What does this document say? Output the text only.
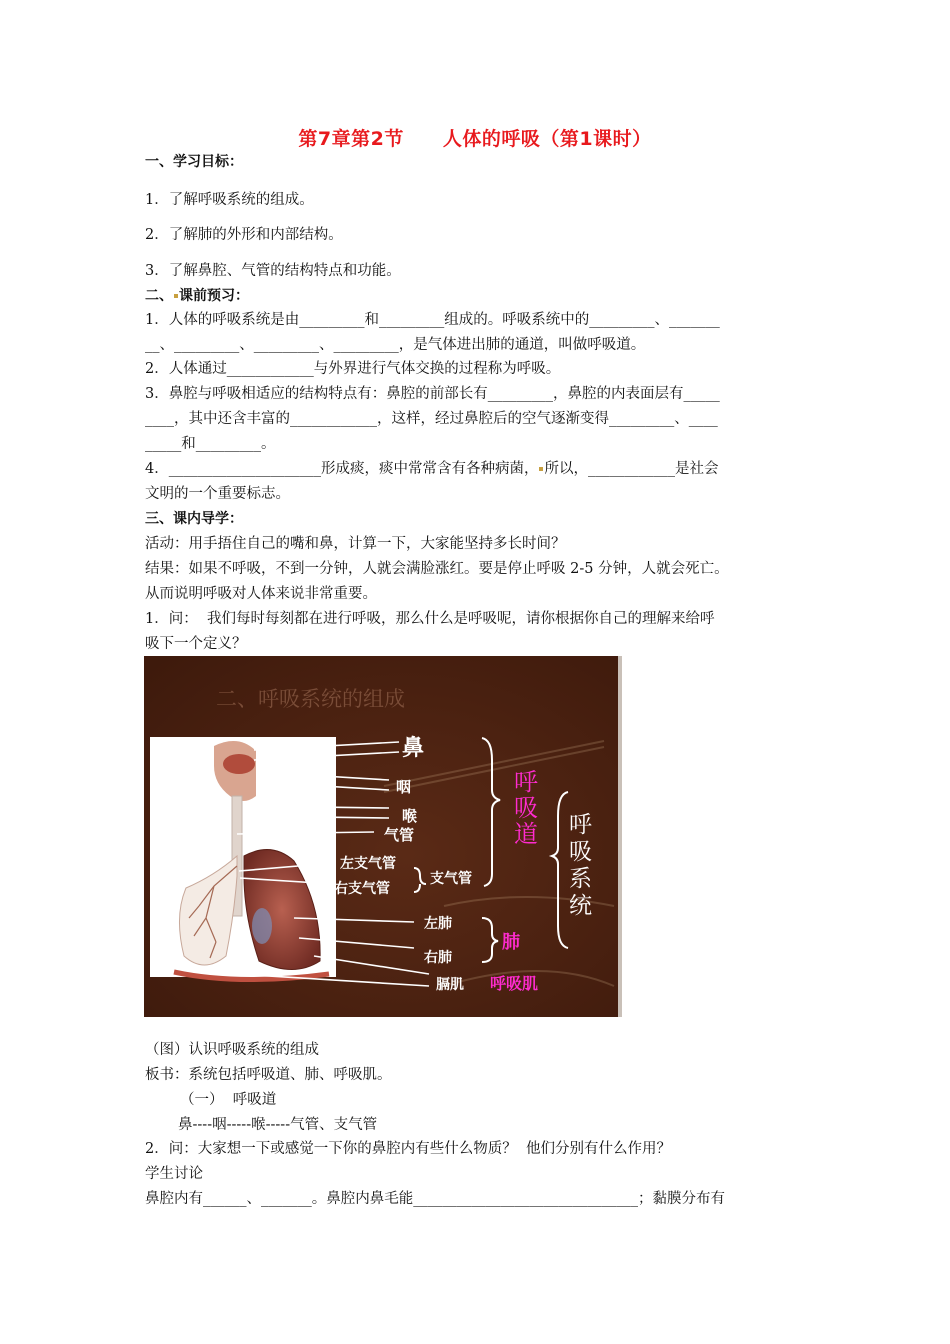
第7章第2节　　人体的呼吸（第1课时）
一、学习目标：
1．了解呼吸系统的组成。
2．了解肺的外形和内部结构。
3．了解鼻腔、气管的结构特点和功能。
二、 课前预习：
1．人体的呼吸系统是由_________和_________组成的。呼吸系统中的_________、_______
__、_________、_________、_________，是气体进出肺的通道，叫做呼吸道。
2．人体通过____________与外界进行气体交换的过程称为呼吸。
3．鼻腔与呼吸相适应的结构特点有：鼻腔的前部长有_________，鼻腔的内表面层有_____
____，其中还含丰富的____________，这样，经过鼻腔后的空气逐渐变得_________、____
_____和_________。
4．_____________________形成痰，痰中常常含有各种病菌， 所以，____________是社会
文明的一个重要标志。
三、课内导学：
活动：用手捂住自己的嘴和鼻，计算一下，大家能坚持多长时间？
结果：如果不呼吸，不到一分钟，人就会满脸涨红。要是停止呼吸 2-5 分钟，人就会死亡。
从而说明呼吸对人体来说非常重要。
1．问：  我们每时每刻都在进行呼吸，那么什么是呼吸呢，请你根据你自己的理解来给呼
吸下一个定义？
二、呼吸系统的组成
鼻
咽
喉
气管
左支气管
右支气管
支气管
左肺
右肺
膈肌
呼
吸
道
肺
呼吸肌
呼
吸
系
统
（图）认识呼吸系统的组成
板书：系统包括呼吸道、肺、呼吸肌。
（一）  呼吸道
鼻----咽-----喉-----气管、支气管
2．问：大家想一下或感觉一下你的鼻腔内有些什么物质？  他们分别有什么作用？
学生讨论
鼻腔内有______、_______。鼻腔内鼻毛能_______________________________；黏膜分布有
